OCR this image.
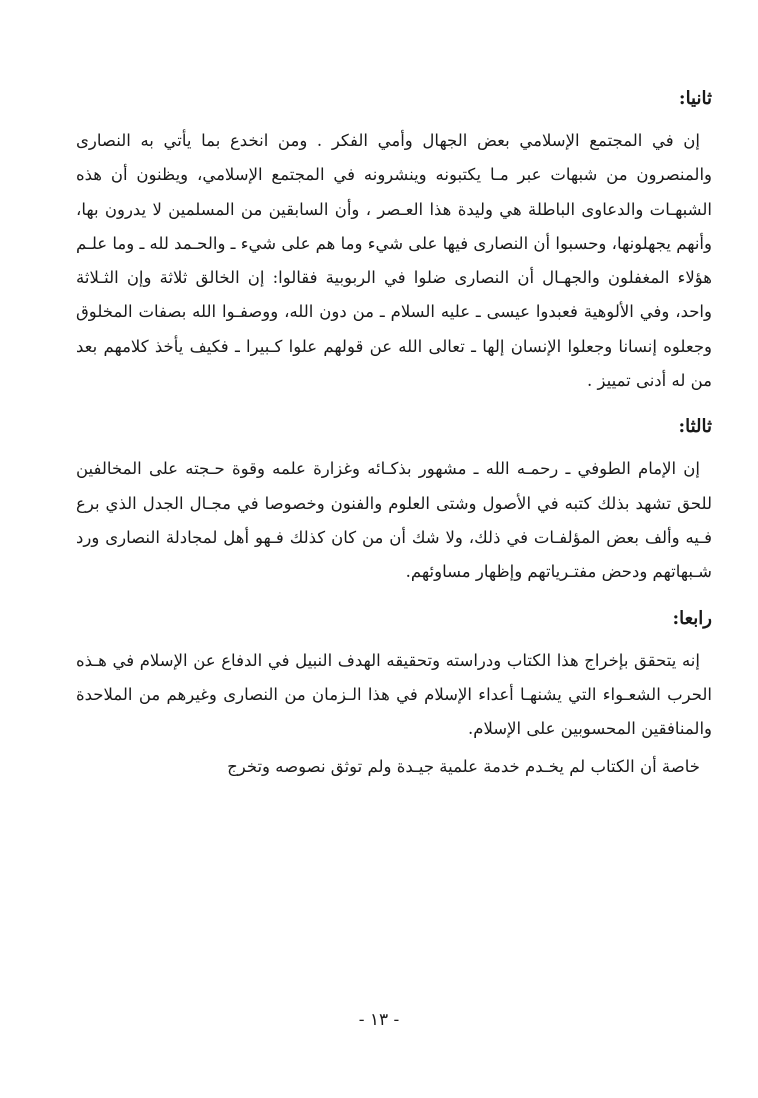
ثانيا:

إن في المجتمع الإسلامي بعض الجهال وأمي الفكر . ومن انخدع بما يأتي به النصارى والمنصرون من شبهات عبر مـا يكتبونه وينشرونه في المجتمع الإسلامي، ويظنون أن هذه الشبهـات والدعاوى الباطلة هي وليدة هذا العـصر ، وأن السابقين من المسلمين لا يدرون بها، وأنهم يجهلونها، وحسبوا أن النصارى فيها على شيء وما هم على شيء ـ والحـمد لله ـ وما علـم هؤلاء المغفلون والجهـال أن النصارى ضلوا في الربوبية فقالوا: إن الخالق ثلاثة وإن الثـلاثة واحد، وفي الألوهية فعبدوا عيسى ـ عليه السلام ـ من دون الله، ووصفـوا الله بصفات المخلوق وجعلوه إنسانا وجعلوا الإنسان إلها ـ تعالى الله عن قولهم علوا كـبيرا ـ فكيف يأخذ كلامهم بعد من له أدنى تمييز .

ثالثا:

إن الإمام الطوفي ـ رحمـه الله ـ مشهور بذكـائه وغزارة علمه وقوة حـجته على المخالفين للحق تشهد بذلك كتبه في الأصول وشتى العلوم والفنون وخصوصا في مجـال الجدل الذي برع فـيه وألف بعض المؤلفـات في ذلك، ولا شك أن من كان كذلك فـهو أهل لمجادلة النصارى ورد شـبهاتهم ودحض مفتـرياتهم وإظهار مساوئهم.

رابعا:

إنه يتحقق بإخراج هذا الكتاب ودراسته وتحقيقه الهدف النبيل في الدفاع عن الإسلام في هـذه الحرب الشعـواء التي يشنهـا أعداء الإسلام في هذا الـزمان من النصارى وغيرهم من الملاحدة والمنافقين المحسوبين على الإسلام.

خاصة أن الكتاب لم يخـدم خدمة علمية جيـدة ولم توثق نصوصه وتخرج

- ١٣ -
